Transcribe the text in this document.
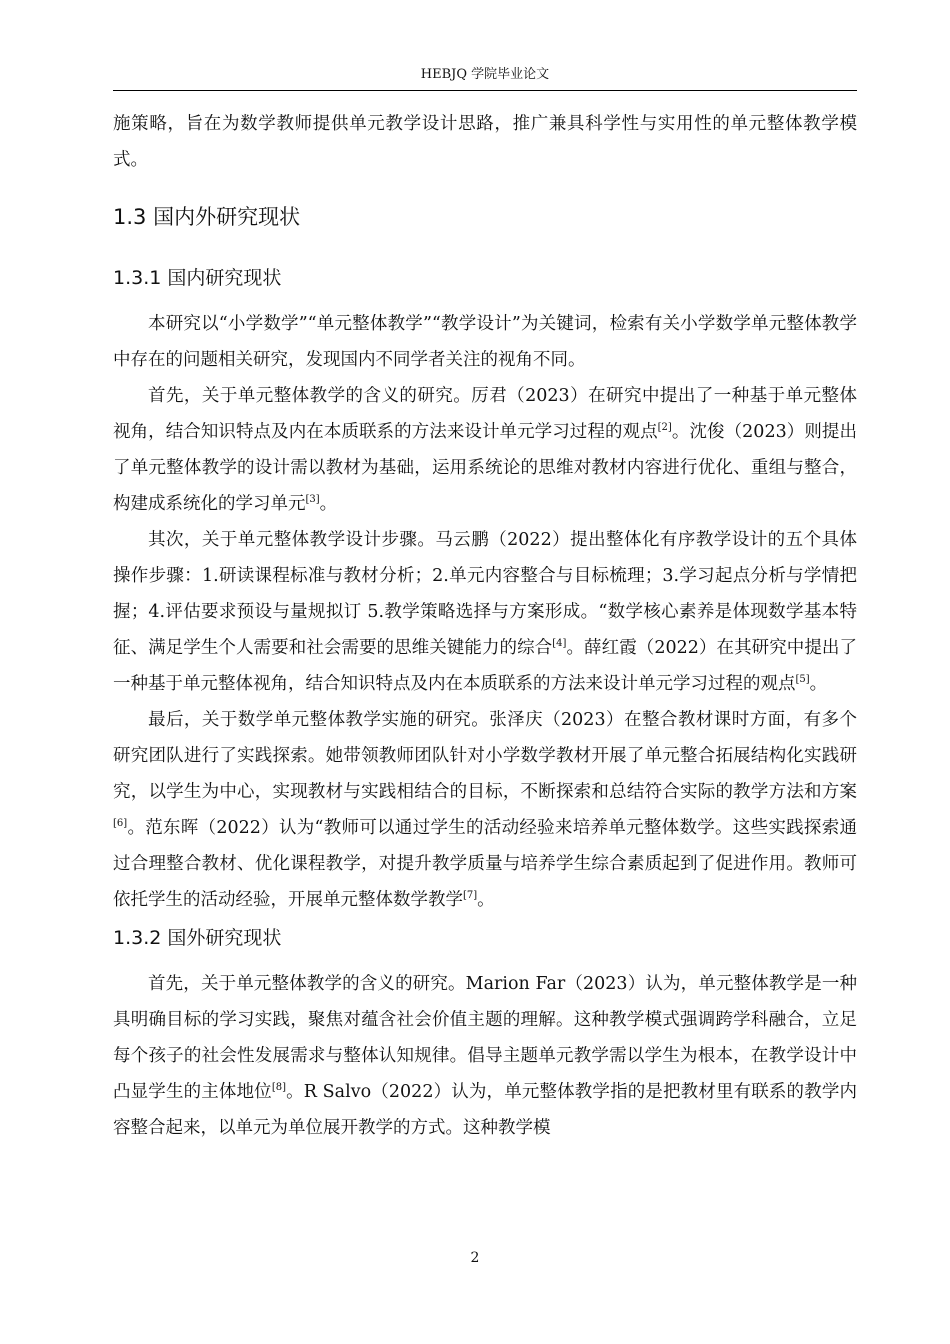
HEBJQ 学院毕业论文

施策略，旨在为数学教师提供单元教学设计思路，推广兼具科学性与实用性的单元整体教学模式。

1.3 国内外研究现状
1.3.1 国内研究现状

本研究以“小学数学”“单元整体教学”“教学设计”为关键词，检索有关小学数学单元整体教学中存在的问题相关研究，发现国内不同学者关注的视角不同。

首先，关于单元整体教学的含义的研究。厉君（2023）在研究中提出了一种基于单元整体视角，结合知识特点及内在本质联系的方法来设计单元学习过程的观点[2]。沈俊（2023）则提出了单元整体教学的设计需以教材为基础，运用系统论的思维对教材内容进行优化、重组与整合，构建成系统化的学习单元[3]。

其次，关于单元整体教学设计步骤。马云鹏（2022）提出整体化有序教学设计的五个具体操作步骤：1.研读课程标准与教材分析；2.单元内容整合与目标梳理；3.学习起点分析与学情把握；4.评估要求预设与量规拟订 5.教学策略选择与方案形成。“数学核心素养是体现数学基本特征、满足学生个人需要和社会需要的思维关键能力的综合[4]。薛红霞（2022）在其研究中提出了一种基于单元整体视角，结合知识特点及内在本质联系的方法来设计单元学习过程的观点[5]。

最后，关于数学单元整体教学实施的研究。张泽庆（2023）在整合教材课时方面，有多个研究团队进行了实践探索。她带领教师团队针对小学数学教材开展了单元整合拓展结构化实践研究，以学生为中心，实现教材与实践相结合的目标，不断探索和总结符合实际的教学方法和方案[6]。范东晖（2022）认为“教师可以通过学生的活动经验来培养单元整体数学。这些实践探索通过合理整合教材、优化课程教学，对提升教学质量与培养学生综合素质起到了促进作用。教师可依托学生的活动经验，开展单元整体数学教学[7]。

1.3.2 国外研究现状

首先，关于单元整体教学的含义的研究。Marion Far（2023）认为，单元整体教学是一种具明确目标的学习实践，聚焦对蕴含社会价值主题的理解。这种教学模式强调跨学科融合，立足每个孩子的社会性发展需求与整体认知规律。倡导主题单元教学需以学生为根本，在教学设计中凸显学生的主体地位[8]。R Salvo（2022）认为，单元整体教学指的是把教材里有联系的教学内容整合起来，以单元为单位展开教学的方式。这种教学模

2
